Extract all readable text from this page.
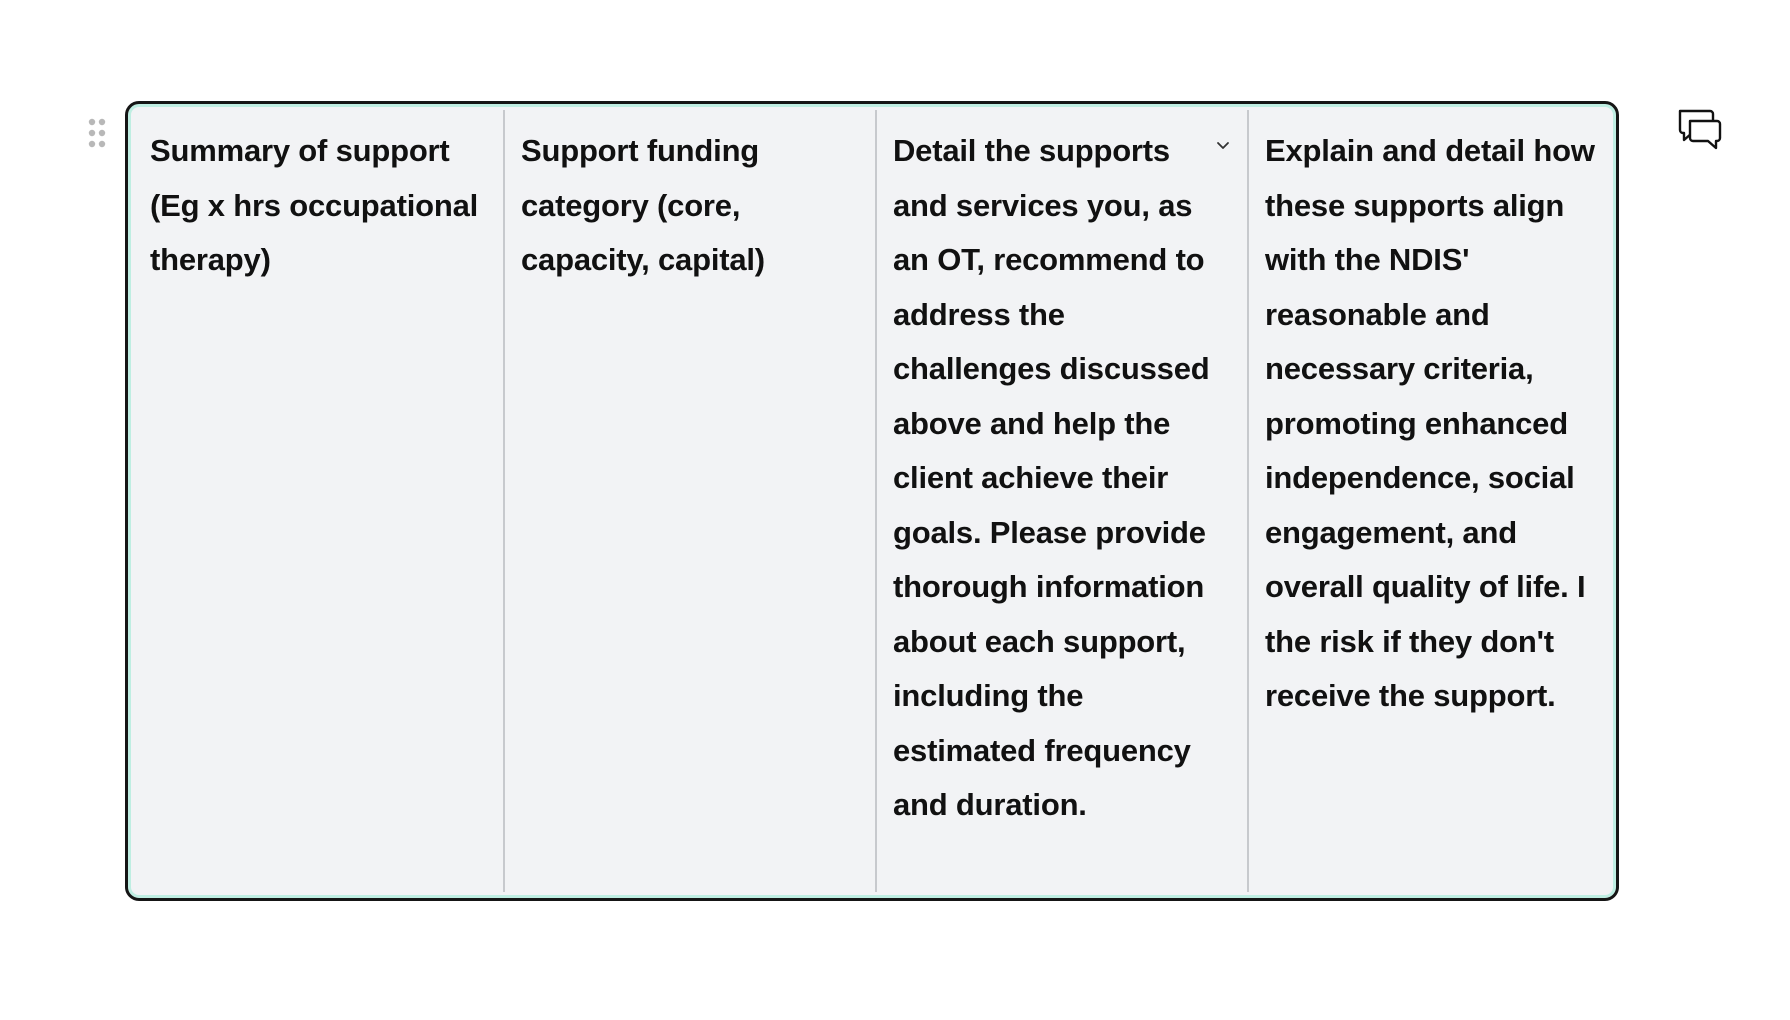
Summary of support (Eg x hrs occupational therapy)
Support funding category (core, capacity, capital)
Detail the supports and services you, as an OT, recommend to address the challenges discussed above and help the client achieve their goals. Please provide thorough information about each support, including the estimated frequency and duration.
Explain and detail how these supports align with the NDIS' reasonable and necessary criteria, promoting enhanced independence, social engagement, and overall quality of life. I the risk if they don't receive the support.
